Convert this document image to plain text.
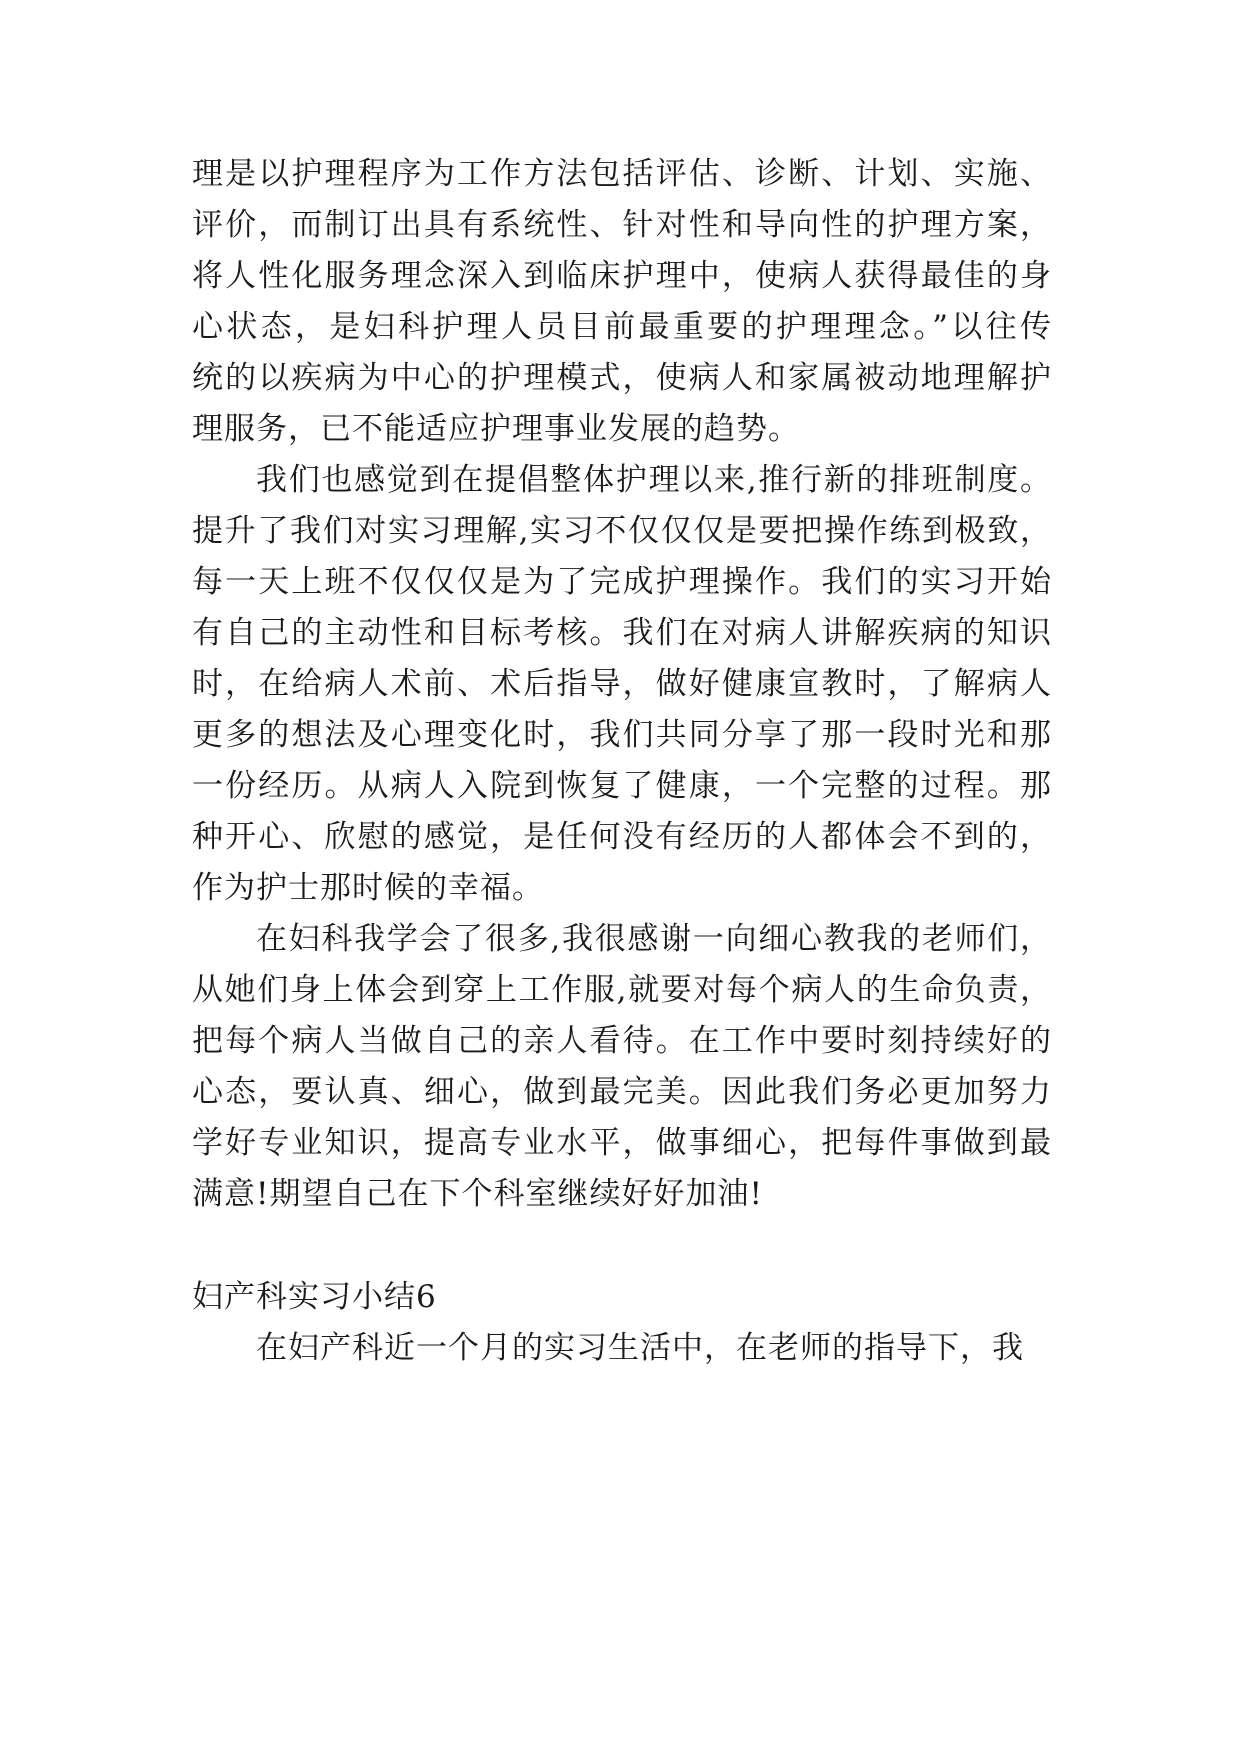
理是以护理程序为工作方法包括评估、诊断、计划、实施、
评价，而制订出具有系统性、针对性和导向性的护理方案，
将人性化服务理念深入到临床护理中，使病人获得最佳的身
心状态，是妇科护理人员目前最重要的护理理念。”以往传
统的以疾病为中心的护理模式，使病人和家属被动地理解护
理服务，已不能适应护理事业发展的趋势。
我们也感觉到在提倡整体护理以来,推行新的排班制度。
提升了我们对实习理解,实习不仅仅仅是要把操作练到极致，
每一天上班不仅仅仅是为了完成护理操作。我们的实习开始
有自己的主动性和目标考核。我们在对病人讲解疾病的知识
时，在给病人术前、术后指导，做好健康宣教时，了解病人
更多的想法及心理变化时，我们共同分享了那一段时光和那
一份经历。从病人入院到恢复了健康，一个完整的过程。那
种开心、欣慰的感觉，是任何没有经历的人都体会不到的，
作为护士那时候的幸福。
在妇科我学会了很多,我很感谢一向细心教我的老师们，
从她们身上体会到穿上工作服,就要对每个病人的生命负责，
把每个病人当做自己的亲人看待。在工作中要时刻持续好的
心态，要认真、细心，做到最完美。因此我们务必更加努力
学好专业知识，提高专业水平，做事细心，把每件事做到最
满意!期望自己在下个科室继续好好加油!
妇产科实习小结6
在妇产科近一个月的实习生活中，在老师的指导下，我
